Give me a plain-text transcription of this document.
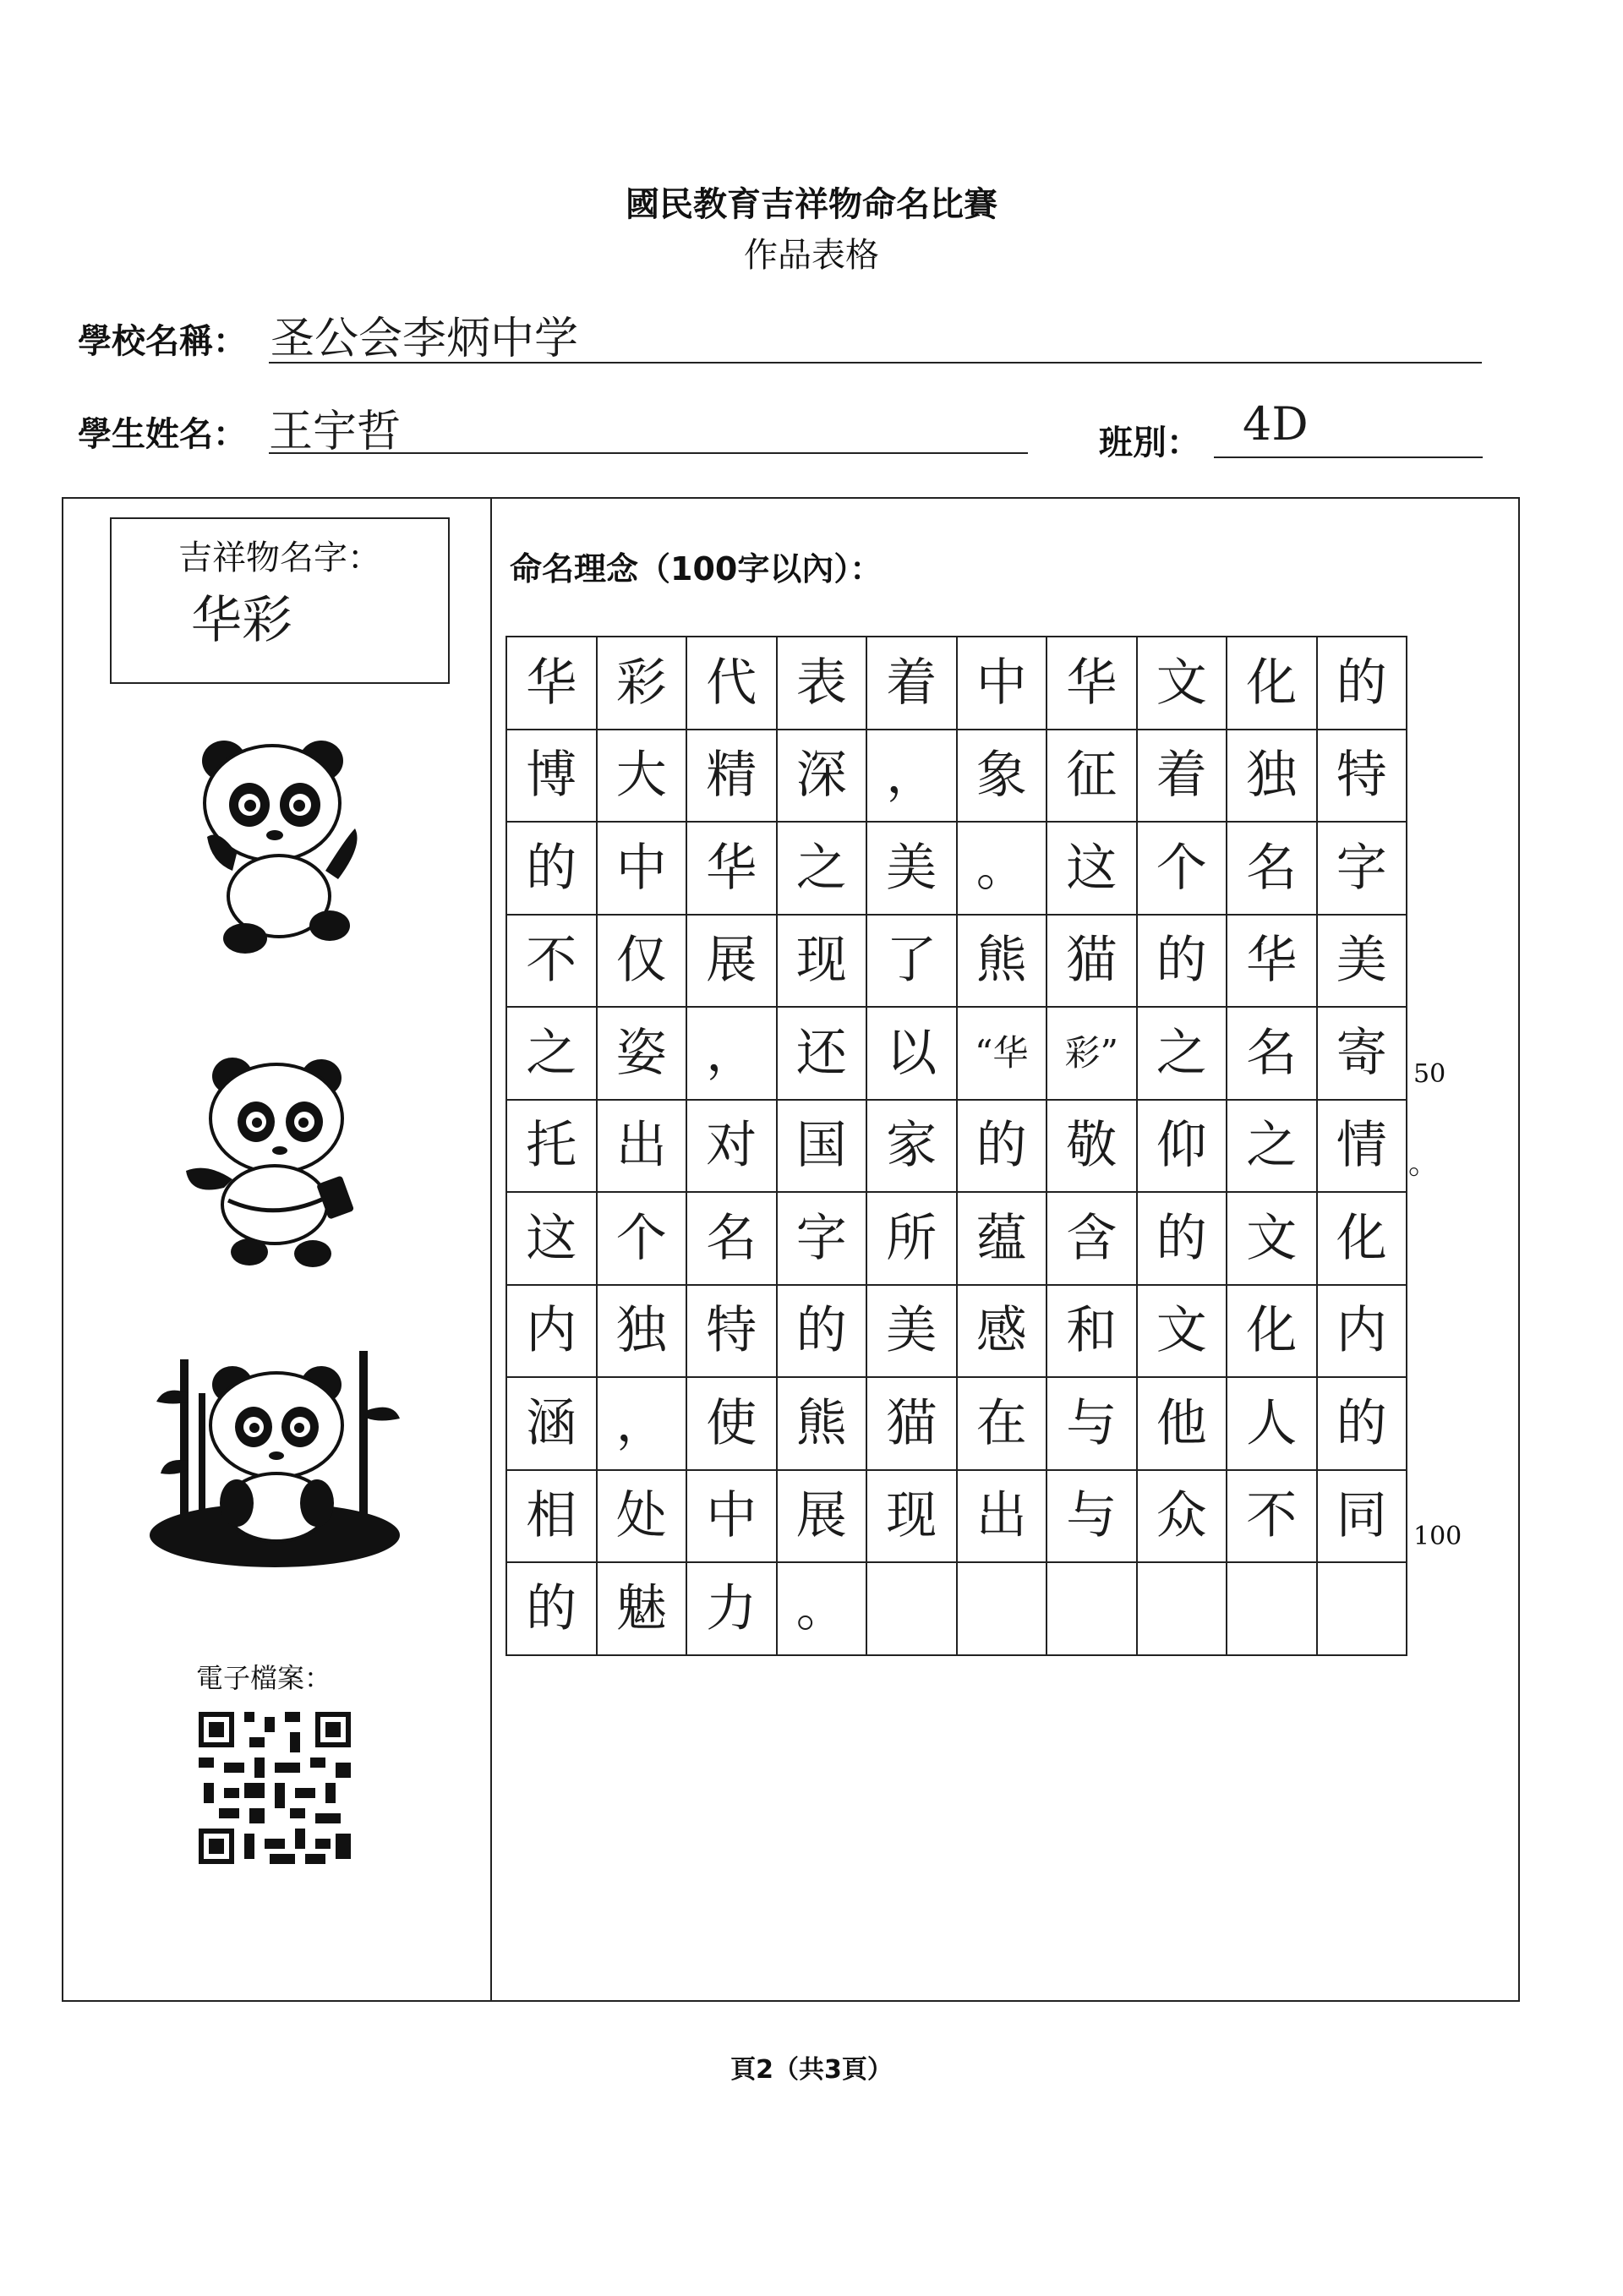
國民教育吉祥物命名比賽
作品表格
學校名稱： 圣公会李炳中学
學生姓名： 王宇哲	班別： 4D
吉祥物名字：
华彩
電子檔案：
命名理念（100字以內）：
华 彩 代 表 着 中 华 文 化 的
博 大 精 深 ， 象 征 着 独 特
的 中 华 之 美 。 这 个 名 字
不 仅 展 现 了 熊 猫 的 华 美
之 姿 ， 还 以	“华	彩” 之 名 寄
托 出 对 国 家 的 敬 仰 之 情
这 个 名 字 所 蕴 含 的 文 化
内 独 特 的 美 感 和 文 化 内
涵 ， 使 熊 猫 在 与 他 人 的
相 处 中 展 现 出 与 众 不 同
的 魅 力 。
50
100
。
頁2（共3頁）
